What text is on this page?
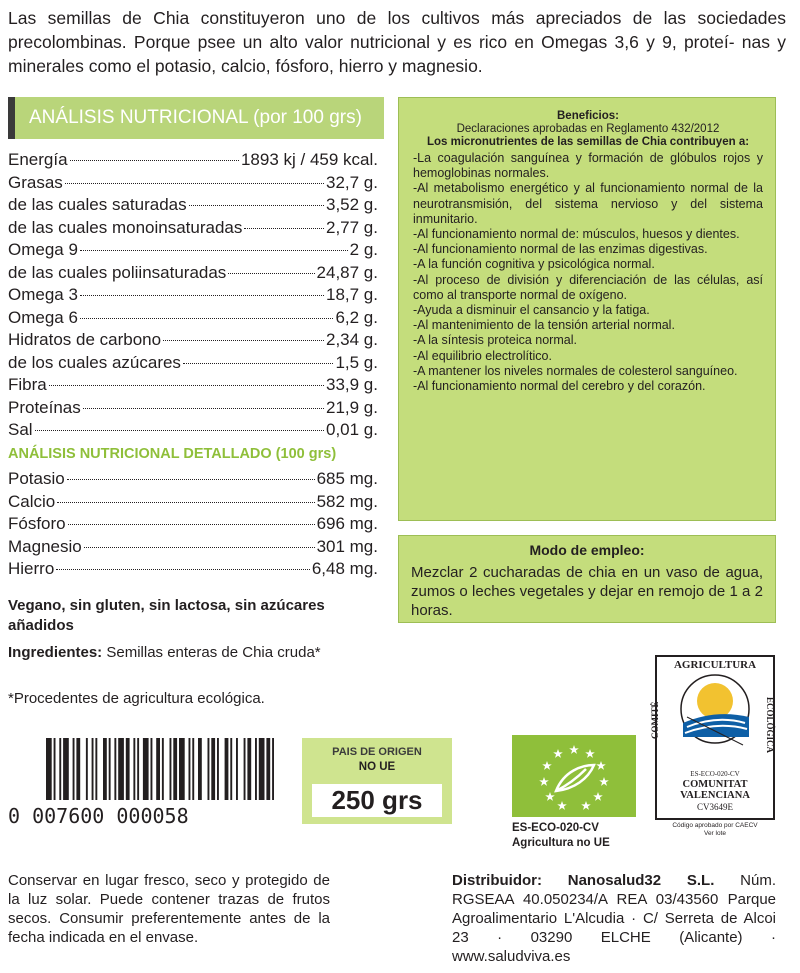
Las semillas de Chia constituyeron uno de los cultivos más apreciados de las sociedades precolombinas. Porque psee un alto valor nutricional y es rico en Omegas 3,6 y 9, proteí- nas y minerales como el potasio, calcio, fósforo, hierro y magnesio.
ANÁLISIS NUTRICIONAL (por 100 grs)
Energía	1893 kj / 459 kcal.
Grasas	32,7 g.
de las cuales saturadas	3,52 g.
de las cuales monoinsaturadas	2,77 g.
Omega 9	2 g.
de las cuales poliinsaturadas	24,87 g.
Omega 3	18,7 g.
Omega 6	6,2 g.
Hidratos de carbono	2,34 g.
de los cuales azúcares	1,5 g.
Fibra	33,9 g.
Proteínas	21,9 g.
Sal	0,01 g.
ANÁLISIS NUTRICIONAL DETALLADO (100 grs)
Potasio	685 mg.
Calcio	582 mg.
Fósforo	696 mg.
Magnesio	301 mg.
Hierro	6,48 mg.
Vegano, sin gluten, sin lactosa, sin azúcares añadidos
Ingredientes: Semillas enteras de Chia cruda*
*Procedentes de agricultura ecológica.
Beneficios:
Declaraciones aprobadas en Reglamento 432/2012
Los micronutrientes de las semillas de Chia contribuyen a:
-La coagulación sanguínea y formación de glóbulos rojos y hemoglobinas normales.
-Al metabolismo energético y al funcionamiento normal de la neurotransmisión, del sistema nervioso y del sistema inmunitario.
-Al funcionamiento normal de: músculos, huesos y dientes.
-Al funcionamiento normal de las enzimas digestivas.
-A la función cognitiva y psicológica normal.
-Al proceso de división y diferenciación de las células, así como al transporte normal de oxígeno.
-Ayuda a disminuir el cansancio y la fatiga.
-Al mantenimiento de la tensión arterial normal.
-A la síntesis proteica normal.
-Al equilibrio electrolítico.
-A mantener los niveles normales de colesterol sanguíneo.
-Al funcionamiento normal del cerebro y del corazón.
Modo de empleo:
Mezclar 2 cucharadas de chia en un vaso de agua, zumos o leches vegetales y dejar en remojo de 1 a 2 horas.
0 007600 000058
PAIS DE ORIGEN
NO UE
250 grs
ES-ECO-020-CV
Agricultura no UE
AGRICULTURA
COMITÉ	ECOLÓGICA
ES-ECO-020-CV
COMUNITAT
VALENCIANA
CV3649E
Código aprobado por CAECV
Ver lote
Conservar en lugar fresco, seco y protegido de la luz solar. Puede contener trazas de frutos secos. Consumir preferentemente antes de la fecha indicada en el envase.
Distribuidor: Nanosalud32 S.L. Núm. RGSEAA 40.050234/A REA 03/43560 Parque Agroalimentario L'Alcudia · C/ Serreta de Alcoi 23 · 03290 ELCHE (Alicante) · www.saludviva.es
